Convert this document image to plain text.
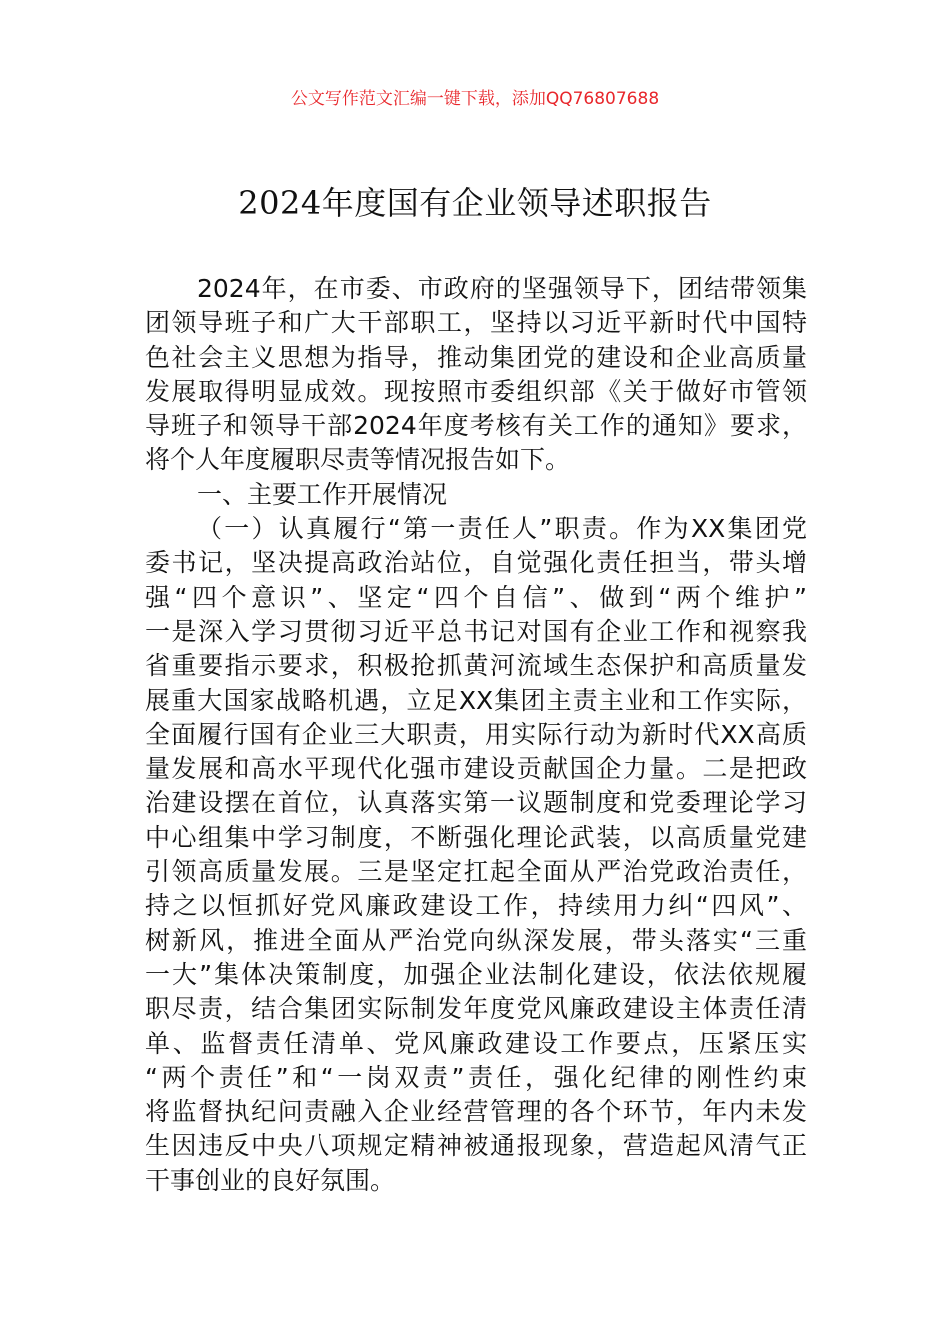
公文写作范文汇编一键下载，添加QQ76807688
2024年度国有企业领导述职报告
2024年，在市委、市政府的坚强领导下，团结带领集
团领导班子和广大干部职工，坚持以习近平新时代中国特
色社会主义思想为指导，推动集团党的建设和企业高质量
发展取得明显成效。现按照市委组织部《关于做好市管领
导班子和领导干部2024年度考核有关工作的通知》要求，
将个人年度履职尽责等情况报告如下。
一、主要工作开展情况
（一）认真履行“第一责任人”职责。作为XX集团党
委书记，坚决提高政治站位，自觉强化责任担当，带头增
强“四个意识”、坚定“四个自信”、做到“两个维护”
一是深入学习贯彻习近平总书记对国有企业工作和视察我
省重要指示要求，积极抢抓黄河流域生态保护和高质量发
展重大国家战略机遇，立足XX集团主责主业和工作实际，
全面履行国有企业三大职责，用实际行动为新时代XX高质
量发展和高水平现代化强市建设贡献国企力量。二是把政
治建设摆在首位，认真落实第一议题制度和党委理论学习
中心组集中学习制度，不断强化理论武装，以高质量党建
引领高质量发展。三是坚定扛起全面从严治党政治责任，
持之以恒抓好党风廉政建设工作，持续用力纠“四风”、
树新风，推进全面从严治党向纵深发展，带头落实“三重
一大”集体决策制度，加强企业法制化建设，依法依规履
职尽责，结合集团实际制发年度党风廉政建设主体责任清
单、监督责任清单、党风廉政建设工作要点，压紧压实
“两个责任”和“一岗双责”责任，强化纪律的刚性约束
将监督执纪问责融入企业经营管理的各个环节，年内未发
生因违反中央八项规定精神被通报现象，营造起风清气正
干事创业的良好氛围。
